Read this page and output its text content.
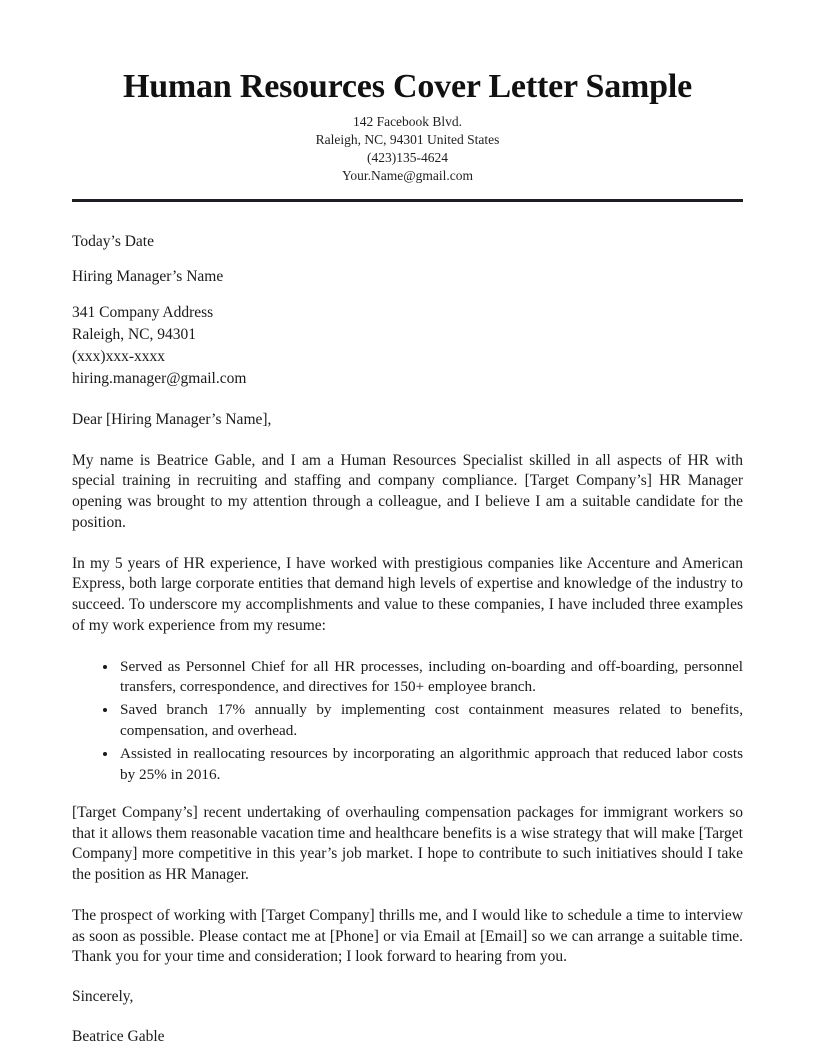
Human Resources Cover Letter Sample

142 Facebook Blvd.

Raleigh, NC, 94301 United States

(423)135-4624

Your.Name@gmail.com

Today’s Date

Hiring Manager’s Name

341 Company Address

Raleigh, NC, 94301

(xxx)xxx-xxxx

hiring.manager@gmail.com

Dear [Hiring Manager’s Name],

My name is Beatrice Gable, and I am a Human Resources Specialist skilled in all aspects of HR with special training in recruiting and staffing and company compliance. [Target Company’s] HR Manager opening was brought to my attention through a colleague, and I believe I am a suitable candidate for the position.

In my 5 years of HR experience, I have worked with prestigious companies like Accenture and American Express, both large corporate entities that demand high levels of expertise and knowledge of the industry to succeed. To underscore my accomplishments and value to these companies, I have included three examples of my work experience from my resume:

Served as Personnel Chief for all HR processes, including on-boarding and off-boarding, personnel transfers, correspondence, and directives for 150+ employee branch.
Saved branch 17% annually by implementing cost containment measures related to benefits, compensation, and overhead.
Assisted in reallocating resources by incorporating an algorithmic approach that reduced labor costs by 25% in 2016.

[Target Company’s] recent undertaking of overhauling compensation packages for immigrant workers so that it allows them reasonable vacation time and healthcare benefits is a wise strategy that will make [Target Company] more competitive in this year’s job market. I hope to contribute to such initiatives should I take the position as HR Manager.

The prospect of working with [Target Company] thrills me, and I would like to schedule a time to interview as soon as possible. Please contact me at [Phone] or via Email at [Email] so we can arrange a suitable time. Thank you for your time and consideration; I look forward to hearing from you.

Sincerely,

Beatrice Gable
